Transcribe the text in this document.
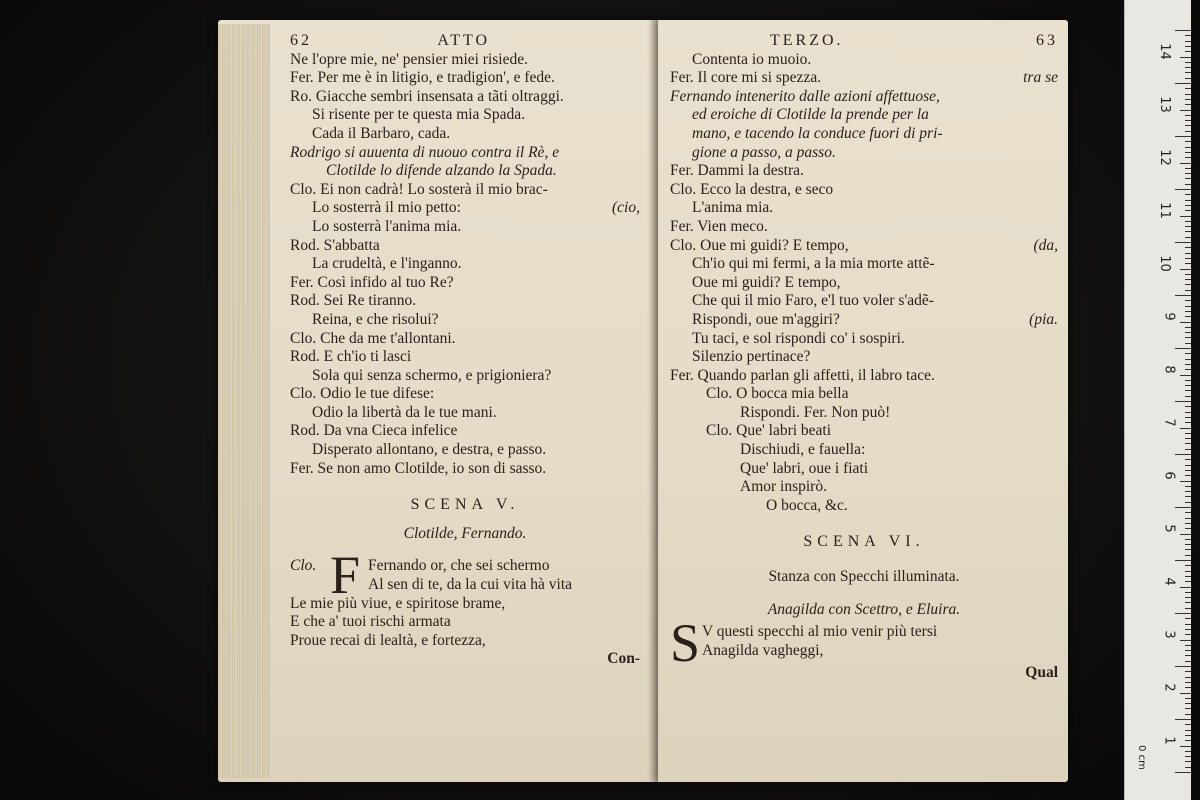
62	ATTO
Ne l'opre mie, ne' pensier miei risiede.
Fer. Per me è in litigio, e tradigion', e fede.
Ro. Giacche sembri insensata a tãti oltraggi.
Si risente per te questa mia Spada.
Cada il Barbaro, cada.
Rodrigo si auuenta di nuouo contra il Rè, e
Clotilde lo difende alzando la Spada.
Clo. Ei non cadrà! Lo sosterà il mio brac-
Lo sosterrà il mio petto:	(cio,
Lo sosterrà l'anima mia.
Rod. S'abbatta
La crudeltà, e l'inganno.
Fer. Così infido al tuo Re?
Rod. Sei Re tiranno.
Reina, e che risolui?
Clo. Che da me t'allontani.
Rod. E ch'io ti lasci
Sola qui senza schermo, e prigioniera?
Clo. Odio le tue difese:
Odio la libertà da le tue mani.
Rod. Da vna Cieca infelice
Disperato allontano, e destra, e passo.
Fer. Se non amo Clotilde, io son di sasso.
SCENA V.
Clotilde, Fernando.
Clo. F Fernando or, che sei schermo
Al sen di te, da la cui vita hà vita
Le mie più viue, e spiritose brame,
E che a' tuoi rischi armata
Proue recai di lealtà, e fortezza,
Con-
TERZO.	63
Contenta io muoio.
Fer. Il core mi si spezza.	tra se
Fernando intenerito dalle azioni affettuose,
ed eroiche di Clotilde la prende per la
mano, e tacendo la conduce fuori di pri-
gione a passo, a passo.
Fer. Dammi la destra.
Clo. Ecco la destra, e seco
L'anima mia.
Fer. Vien meco.
Clo. Oue mi guidi? E tempo,	(da,
Ch'io qui mi fermi, a la mia morte attẽ-
Oue mi guidi? E tempo,
Che qui il mio Faro, e'l tuo voler s'adẽ-
Rispondi, oue m'aggiri?	(pia.
Tu taci, e sol rispondi co' i sospiri.
Silenzio pertinace?
Fer. Quando parlan gli affetti, il labro tace.
Clo. O bocca mia bella
Rispondi. Fer. Non può!
Clo. Que' labri beati
Dischiudi, e fauella:
Que' labri, oue i fiati
Amor inspirò.
O bocca, &c.
SCENA VI.
Stanza con Specchi illuminata.
Anagilda con Scettro, e Eluira.
S V questi specchi al mio venir più tersi
Anagilda vagheggi,
Qual
0 cm
14
13
12
11
10
9
8
7
6
5
4
3
2
1
